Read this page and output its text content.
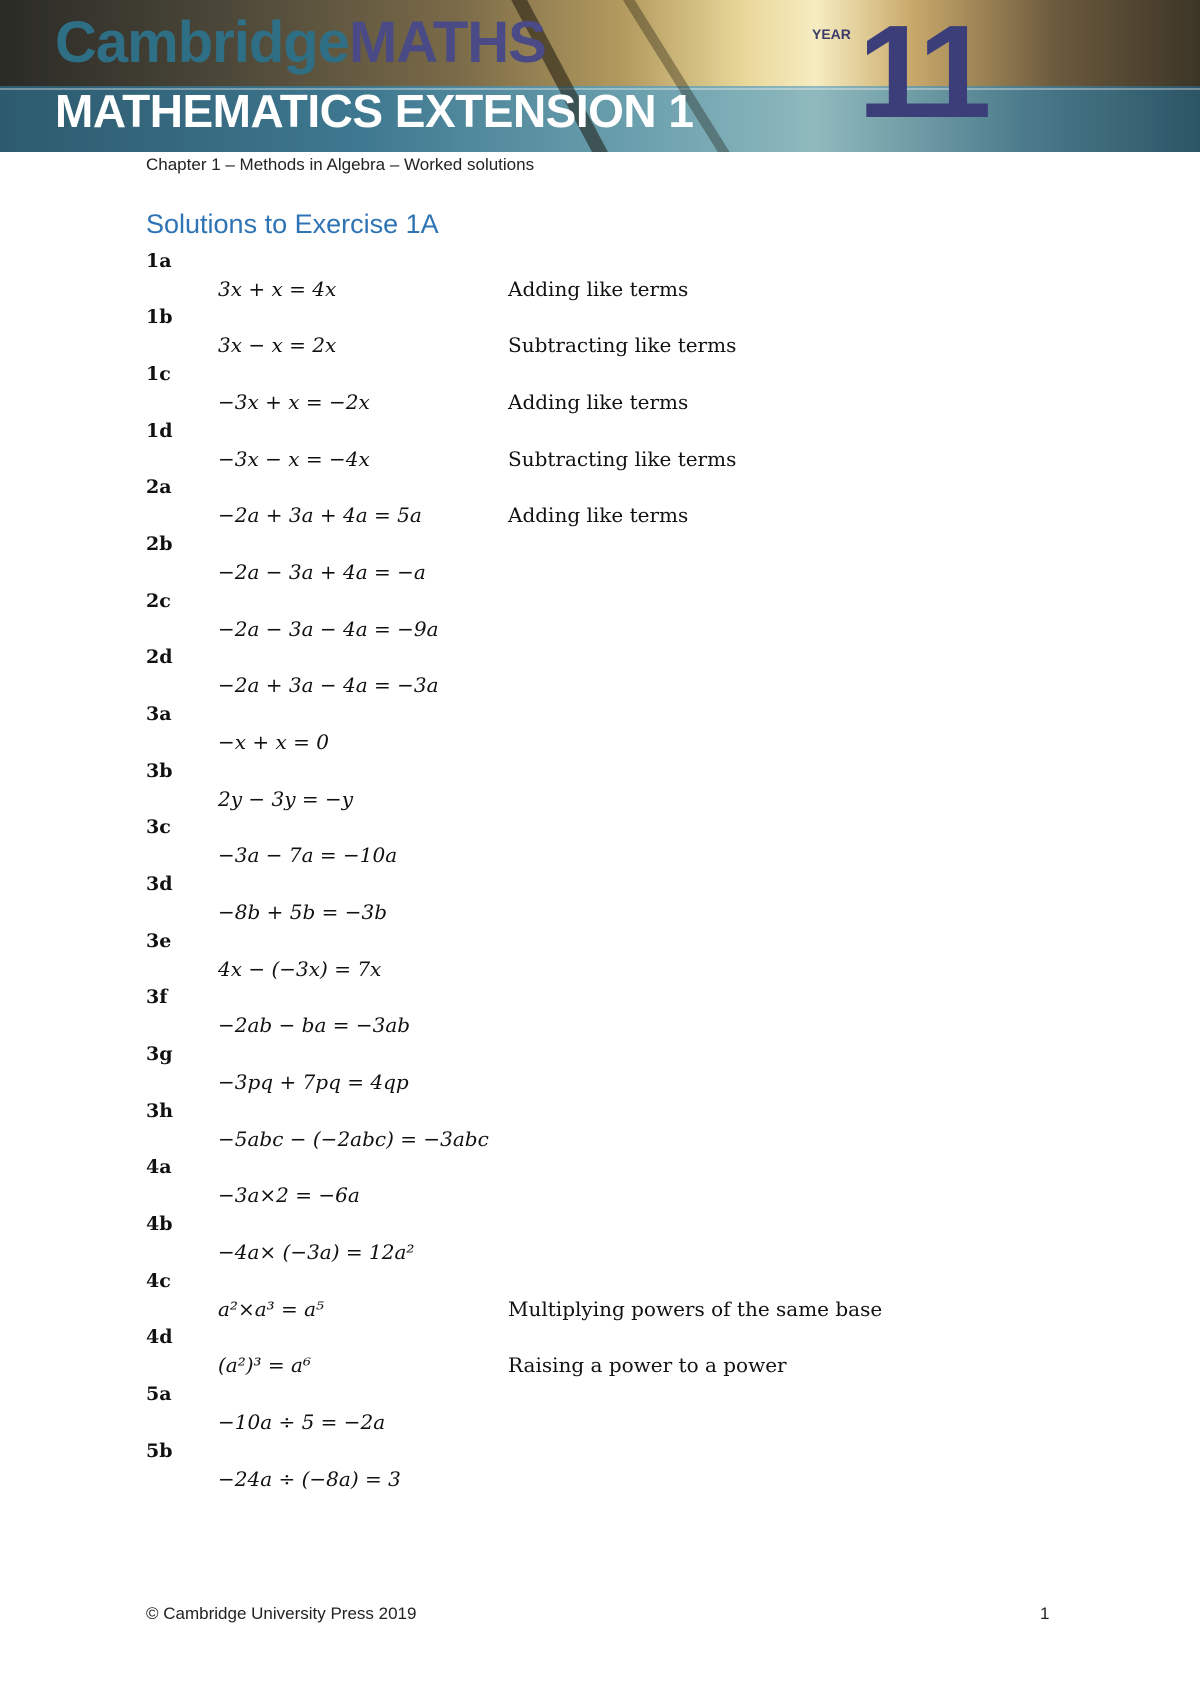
CambridgeMATHS
MATHEMATICS EXTENSION 1
YEAR 11
Chapter 1 – Methods in Algebra – Worked solutions
Solutions to Exercise 1A
1a
3x + x = 4x	Adding like terms
1b
3x − x = 2x	Subtracting like terms
1c
−3x + x = −2x	Adding like terms
1d
−3x − x = −4x	Subtracting like terms
2a
−2a + 3a + 4a = 5a	Adding like terms
2b
−2a − 3a + 4a = −a
2c
−2a − 3a − 4a = −9a
2d
−2a + 3a − 4a = −3a
3a
−x + x = 0
3b
2y − 3y = −y
3c
−3a − 7a = −10a
3d
−8b + 5b = −3b
3e
4x − (−3x) = 7x
3f
−2ab − ba = −3ab
3g
−3pq + 7pq = 4qp
3h
−5abc − (−2abc) = −3abc
4a
−3a×2 = −6a
4b
−4a× (−3a) = 12a²
4c
a²×a³ = a⁵	Multiplying powers of the same base
4d
(a²)³ = a⁶	Raising a power to a power
5a
−10a ÷ 5 = −2a
5b
−24a ÷ (−8a) = 3
© Cambridge University Press 2019	1
